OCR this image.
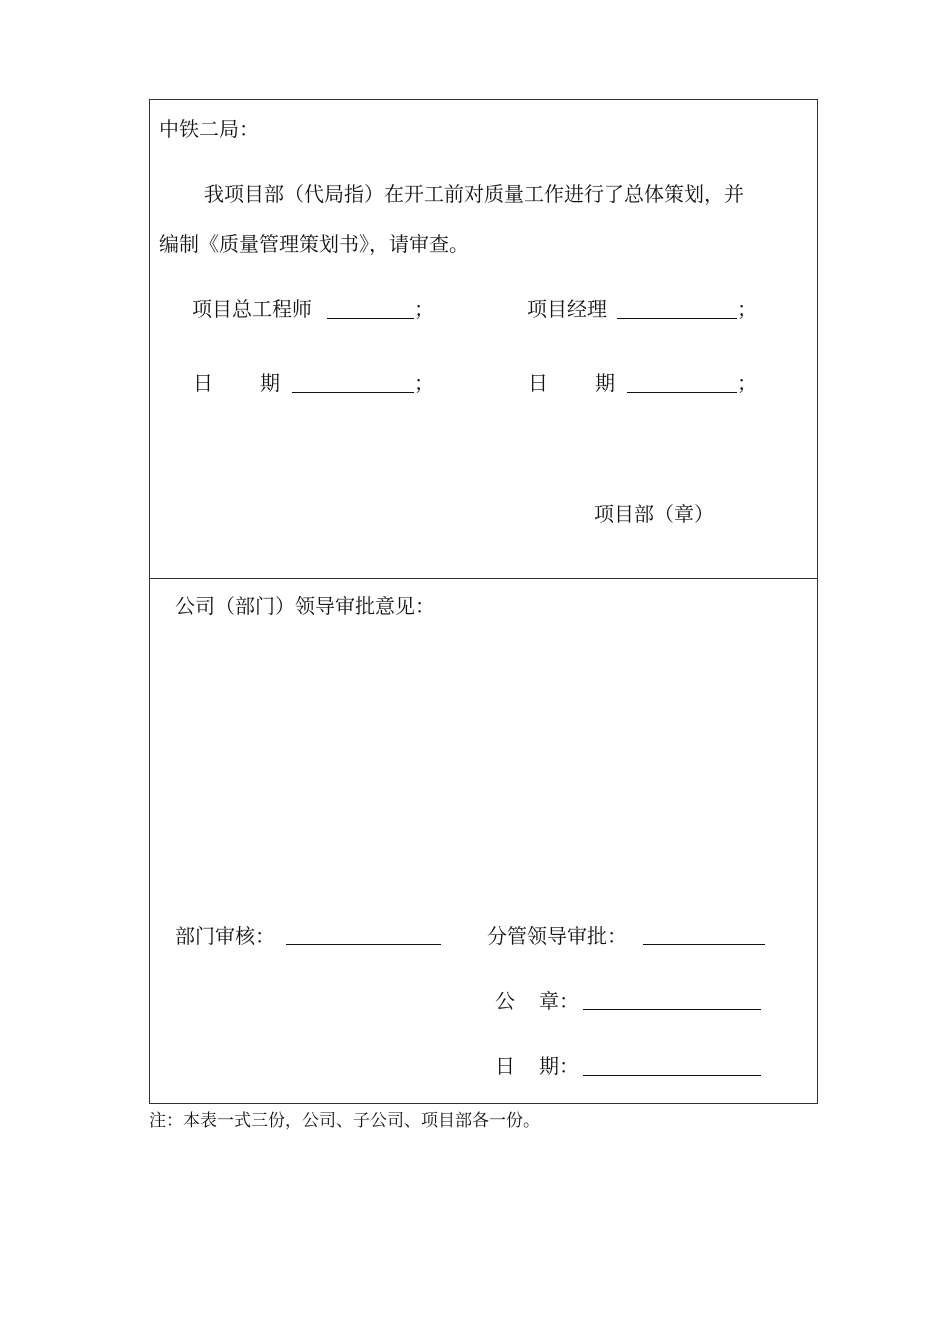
中铁二局：
我项目部（代局指）在开工前对质量工作进行了总体策划，并
编制《质量管理策划书》，请审查。
项目总工程师	；	项目经理	；
日 期	；	日 期	；
项目部（章）
公司（部门）领导审批意见：
部门审核：	分管领导审批：
公 章：
日 期：
注：本表一式三份，公司、子公司、项目部各一份。
